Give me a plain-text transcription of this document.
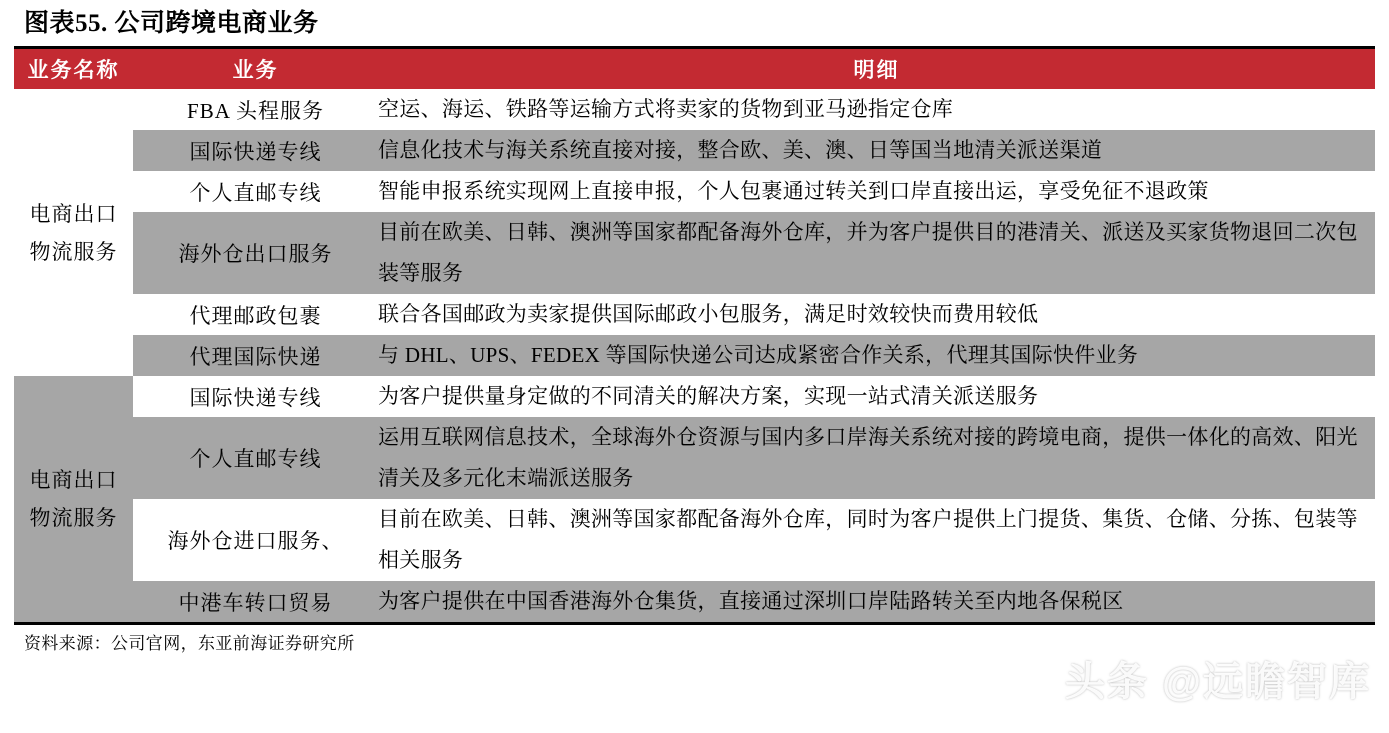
图表55. 公司跨境电商业务
业务名称	业务	明细

电商出口
物流服务	FBA 头程服务	空运、海运、铁路等运输方式将卖家的货物到亚马逊指定仓库
	国际快递专线	信息化技术与海关系统直接对接，整合欧、美、澳、日等国当地清关派送渠道
	个人直邮专线	智能申报系统实现网上直接申报，个人包裹通过转关到口岸直接出运，享受免征不退政策
	海外仓出口服务	目前在欧美、日韩、澳洲等国家都配备海外仓库，并为客户提供目的港清关、派送及买家货物退回二次包装等服务
	代理邮政包裹	联合各国邮政为卖家提供国际邮政小包服务，满足时效较快而费用较低
	代理国际快递	与 DHL、UPS、FEDEX 等国际快递公司达成紧密合作关系，代理其国际快件业务

电商出口
物流服务	国际快递专线	为客户提供量身定做的不同清关的解决方案，实现一站式清关派送服务
	个人直邮专线	运用互联网信息技术，全球海外仓资源与国内多口岸海关系统对接的跨境电商，提供一体化的高效、阳光清关及多元化末端派送服务
	海外仓进口服务、	目前在欧美、日韩、澳洲等国家都配备海外仓库，同时为客户提供上门提货、集货、仓储、分拣、包装等相关服务
	中港车转口贸易	为客户提供在中国香港海外仓集货，直接通过深圳口岸陆路转关至内地各保税区
资料来源：公司官网，东亚前海证券研究所
头条 @远瞻智库
